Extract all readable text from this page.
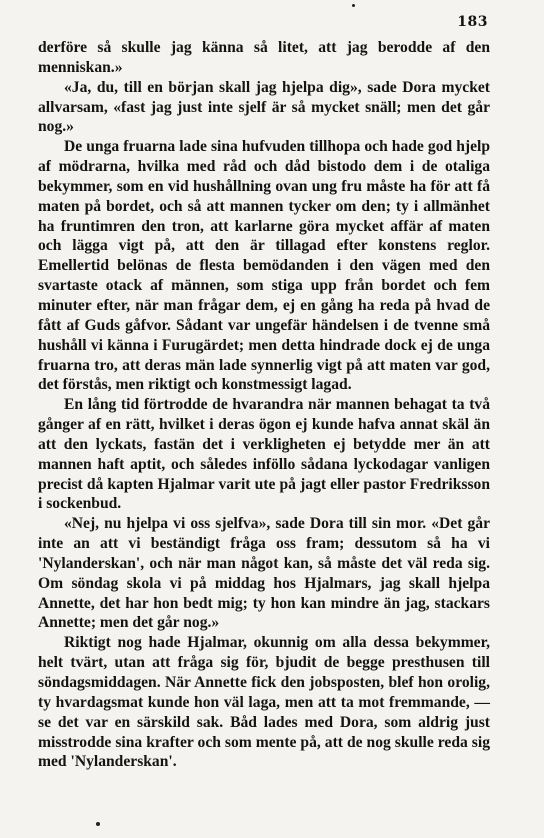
183

derföre så skulle jag känna så litet, att jag berodde af den menniskan.»

«Ja, du, till en början skall jag hjelpa dig», sade Dora mycket allvarsam, «fast jag just inte sjelf är så mycket snäll; men det går nog.»

De unga fruarna lade sina hufvuden tillhopa och hade god hjelp af mödrarna, hvilka med råd och dåd bistodo dem i de otaliga bekymmer, som en vid hushållning ovan ung fru måste ha för att få maten på bordet, och så att mannen tycker om den; ty i allmänhet ha fruntimren den tron, att karlarne göra mycket affär af maten och lägga vigt på, att den är tillagad efter konstens reglor. Emellertid belönas de flesta bemödanden i den vägen med den svartaste otack af männen, som stiga upp från bordet och fem minuter efter, när man frågar dem, ej en gång ha reda på hvad de fått af Guds gåfvor. Sådant var ungefär händelsen i de tvenne små hushåll vi känna i Furugärdet; men detta hindrade dock ej de unga fruarna tro, att deras män lade synnerlig vigt på att maten var god, det förstås, men riktigt och konstmessigt lagad.

En lång tid förtrodde de hvarandra när mannen behagat ta två gånger af en rätt, hvilket i deras ögon ej kunde hafva annat skäl än att den lyckats, fastän det i verkligheten ej betydde mer än att mannen haft aptit, och således inföllo sådana lyckodagar vanligen precist då kapten Hjalmar varit ute på jagt eller pastor Fredriksson i sockenbud.

«Nej, nu hjelpa vi oss sjelfva», sade Dora till sin mor. «Det går inte an att vi beständigt fråga oss fram; dessutom så ha vi 'Nylanderskan', och när man något kan, så måste det väl reda sig. Om söndag skola vi på middag hos Hjalmars, jag skall hjelpa Annette, det har hon bedt mig; ty hon kan mindre än jag, stackars Annette; men det går nog.»

Riktigt nog hade Hjalmar, okunnig om alla dessa bekymmer, helt tvärt, utan att fråga sig för, bjudit de begge presthusen till söndagsmiddagen. När Annette fick den jobsposten, blef hon orolig, ty hvardagsmat kunde hon väl laga, men att ta mot fremmande, — se det var en särskild sak. Båd lades med Dora, som aldrig just misstrodde sina krafter och som mente på, att de nog skulle reda sig med 'Nylanderskan'.
